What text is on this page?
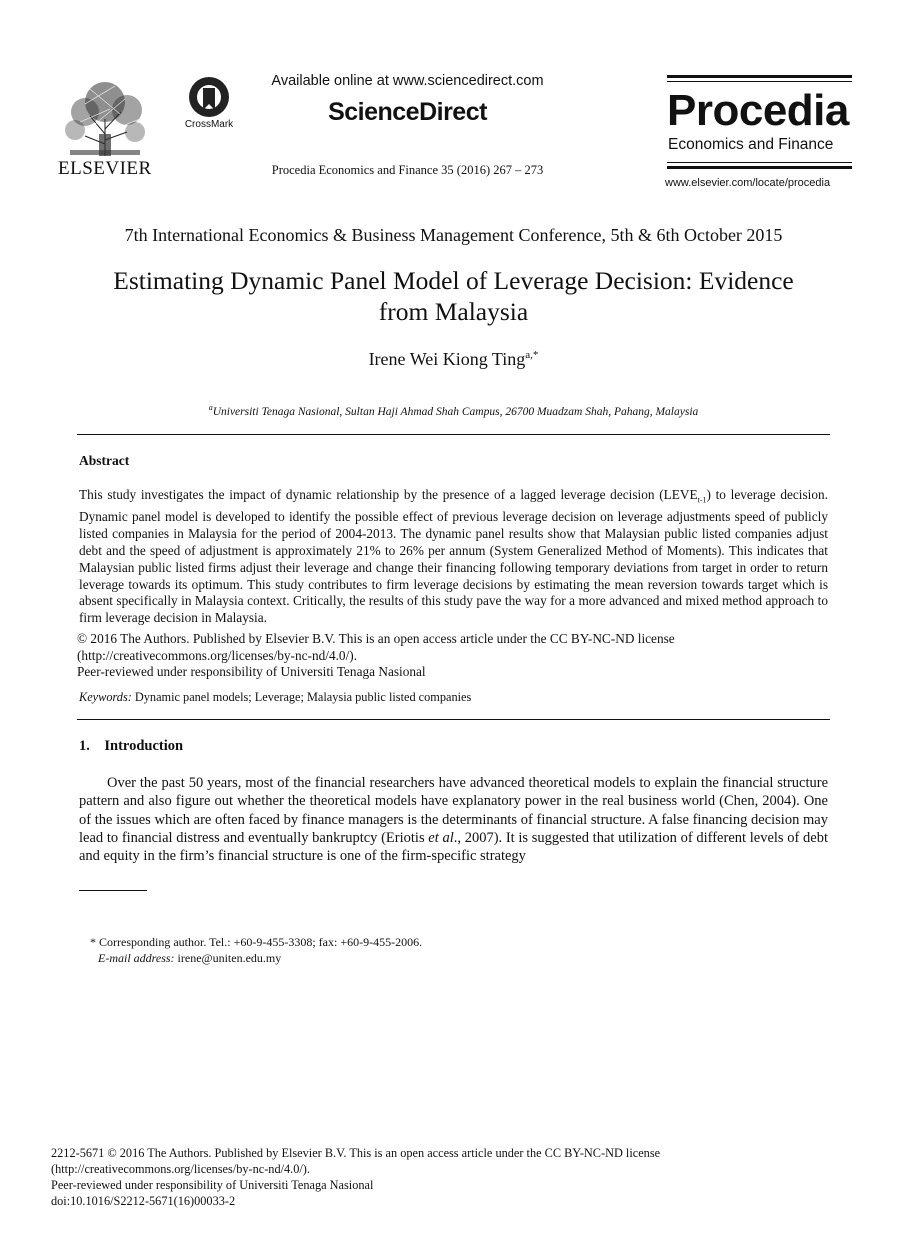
ELSEVIER
CrossMark
Available online at www.sciencedirect.com
ScienceDirect
Procedia Economics and Finance 35 (2016) 267 – 273
Procedia
Economics and Finance
www.elsevier.com/locate/procedia
7th International Economics & Business Management Conference, 5th & 6th October 2015
Estimating Dynamic Panel Model of Leverage Decision: Evidence
from Malaysia
Irene Wei Kiong Ting$^{a,*}$
$^a$Universiti Tenaga Nasional, Sultan Haji Ahmad Shah Campus, 26700 Muadzam Shah, Pahang, Malaysia
Abstract
This study investigates the impact of dynamic relationship by the presence of a lagged leverage decision $(LEVE_{t-1})$ to leverage decision. Dynamic panel model is developed to identify the possible effect of previous leverage decision on leverage adjustments speed of publicly listed companies in Malaysia for the period of 2004-2013. The dynamic panel results show that Malaysian public listed companies adjust debt and the speed of adjustment is approximately 21% to 26% per annum (System Generalized Method of Moments). This indicates that Malaysian public listed firms adjust their leverage and change their financing following temporary deviations from target in order to return leverage towards its optimum. This study contributes to firm leverage decisions by estimating the mean reversion towards target which is absent specifically in Malaysia context. Critically, the results of this study pave the way for a more advanced and mixed method approach to firm leverage decision in Malaysia.
© 2016 The Authors. Published by Elsevier B.V. This is an open access article under the CC BY-NC-ND license
(http://creativecommons.org/licenses/by-nc-nd/4.0/).
Peer-reviewed under responsibility of Universiti Tenaga Nasional
Keywords: Dynamic panel models; Leverage; Malaysia public listed companies
1.    Introduction
Over the past 50 years, most of the financial researchers have advanced theoretical models to explain the financial structure pattern and also figure out whether the theoretical models have explanatory power in the real business world (Chen, 2004). One of the issues which are often faced by finance managers is the determinants of financial structure. A false financing decision may lead to financial distress and eventually bankruptcy (Eriotis et al., 2007). It is suggested that utilization of different levels of debt and equity in the firm’s financial structure is one of the firm-specific strategy
* Corresponding author. Tel.: +60-9-455-3308; fax: +60-9-455-2006.
E-mail address: irene@uniten.edu.my
2212-5671 © 2016 The Authors. Published by Elsevier B.V. This is an open access article under the CC BY-NC-ND license
(http://creativecommons.org/licenses/by-nc-nd/4.0/).
Peer-reviewed under responsibility of Universiti Tenaga Nasional
doi:10.1016/S2212-5671(16)00033-2
